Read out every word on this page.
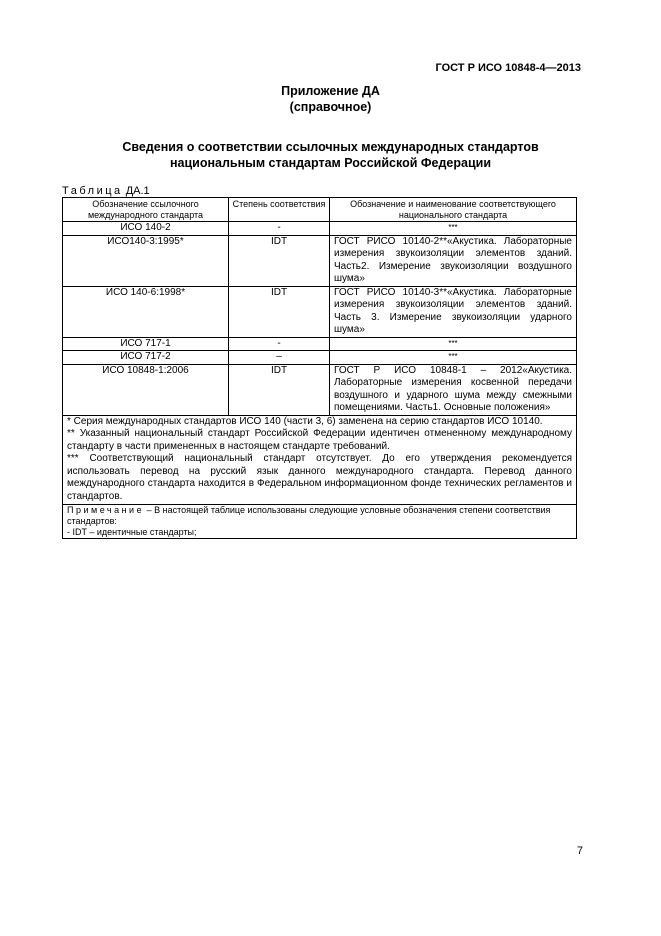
ГОСТ Р ИСО 10848-4—2013
Приложение ДА
(справочное)
Сведения о соответствии ссылочных международных стандартов
национальным стандартам Российской Федерации
Таблица ДА.1
Обозначение ссылочного международного стандарта	Степень соответствия	Обозначение и наименование соответствующего национального стандарта
ИСО 140-2	-	***
ИСО140-3:1995*	IDT	ГОСТ РИСО 10140-2**«Акустика. Лабораторные измерения звукоизоляции элементов зданий. Часть2. Измерение звукоизоляции воздушного шума»
ИСО 140-6:1998*	IDT	ГОСТ РИСО 10140-3**«Акустика. Лабораторные измерения звукоизоляции элементов зданий. Часть 3. Измерение звукоизоляции ударного шума»
ИСО 717-1	-	***
ИСО 717-2	–	***
ИСО 10848-1:2006	IDT	ГОСТ Р ИСО 10848-1 – 2012«Акустика. Лабораторные измерения косвенной передачи воздушного и ударного шума между смежными помещениями. Часть1. Основные положения»

* Серия международных стандартов ИСО 140 (части 3, 6) заменена на серию стандартов ИСО 10140.
** Указанный национальный стандарт Российской Федерации идентичен отмененному международному стандарту в части примененных в настоящем стандарте требований.
*** Соответствующий национальный стандарт отсутствует. До его утверждения рекомендуется использовать перевод на русский язык данного международного стандарта. Перевод данного международного стандарта находится в Федеральном информационном фонде технических регламентов и стандартов.		

Примечание – В настоящей таблице использованы следующие условные обозначения степени соответствия стандартов:
- IDT – идентичные стандарты;		
7
